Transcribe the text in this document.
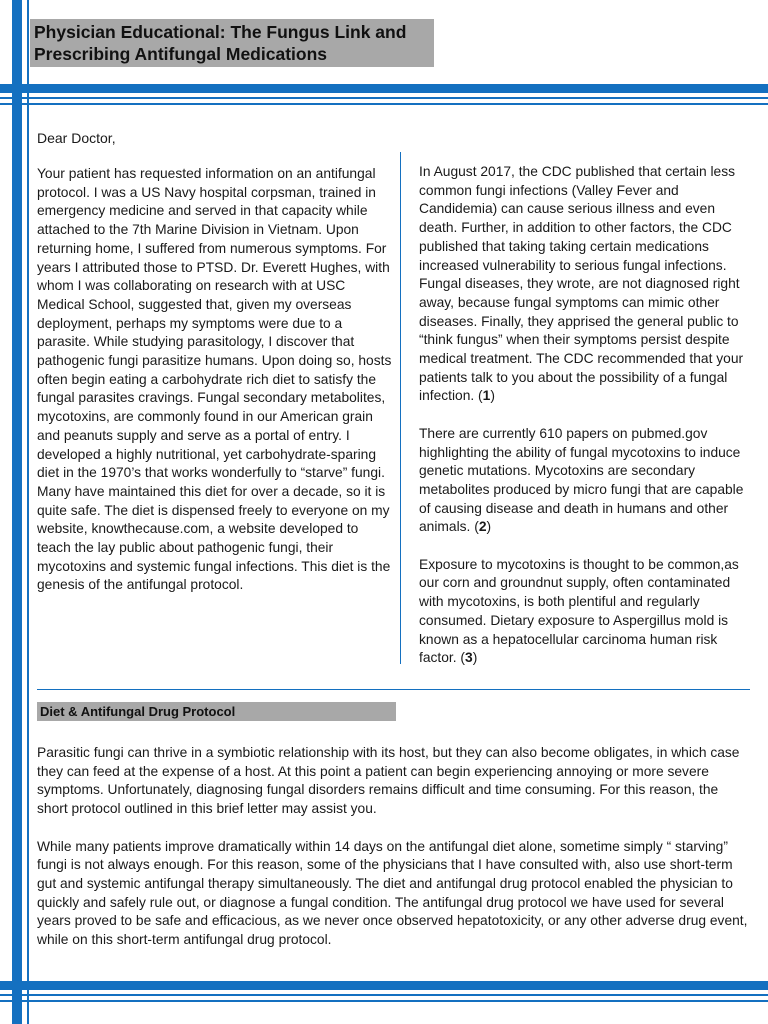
Physician Educational: The Fungus Link and
Prescribing Antifungal Medications
Dear Doctor,

Your patient has requested information on an antifungal protocol. I was a US Navy hospital corpsman, trained in emergency medicine and served in that capacity while attached to the 7th Marine Division in Vietnam. Upon returning home, I suffered from numerous symptoms. For years I attributed those to PTSD. Dr. Everett Hughes, with whom I was collaborating on research with at USC Medical School, suggested that, given my overseas deployment, perhaps my symptoms were due to a parasite. While studying parasitology, I discover that pathogenic fungi parasitize humans. Upon doing so, hosts often begin eating a carbohydrate rich diet to satisfy the fungal parasites cravings. Fungal secondary metabolites, mycotoxins, are commonly found in our American grain and peanuts supply and serve as a portal of entry. I developed a highly nutritional, yet carbohydrate-sparing diet in the 1970’s that works wonderfully to “starve” fungi. Many have maintained this diet for over a decade, so it is quite safe. The diet is dispensed freely to everyone on my website, knowthecause.com, a website developed to teach the lay public about pathogenic fungi, their mycotoxins and systemic fungal infections. This diet is the genesis of the antifungal protocol.

In August 2017, the CDC published that certain less common fungi infections (Valley Fever and Candidemia) can cause serious illness and even death. Further, in addition to other factors, the CDC published that taking taking certain medications increased vulnerability to serious fungal infections. Fungal diseases, they wrote, are not diagnosed right away, because fungal symptoms can mimic other diseases. Finally, they apprised the general public to “think fungus” when their symptoms persist despite medical treatment. The CDC recommended that your patients talk to you about the possibility of a fungal infection. (1)

There are currently 610 papers on pubmed.gov highlighting the ability of fungal mycotoxins to induce genetic mutations. Mycotoxins are secondary metabolites produced by micro fungi that are capable of causing disease and death in humans and other animals. (2)

Exposure to mycotoxins is thought to be common,as our corn and groundnut supply, often contaminated with mycotoxins, is both plentiful and regularly consumed. Dietary exposure to Aspergillus mold is known as a hepatocellular carcinoma human risk factor. (3)

Diet & Antifungal Drug Protocol

Parasitic fungi can thrive in a symbiotic relationship with its host, but they can also become obligates, in which case they can feed at the expense of a host. At this point a patient can begin experiencing annoying or more severe symptoms. Unfortunately, diagnosing fungal disorders remains difficult and time consuming. For this reason, the short protocol outlined in this brief letter may assist you.

While many patients improve dramatically within 14 days on the antifungal diet alone, sometime simply “ starving” fungi is not always enough. For this reason, some of the physicians that I have consulted with, also use short-term gut and systemic antifungal therapy simultaneously. The diet and antifungal drug protocol enabled the physician to quickly and safely rule out, or diagnose a fungal condition. The antifungal drug protocol we have used for several years proved to be safe and efficacious, as we never once observed hepatotoxicity, or any other adverse drug event, while on this short-term antifungal drug protocol.
